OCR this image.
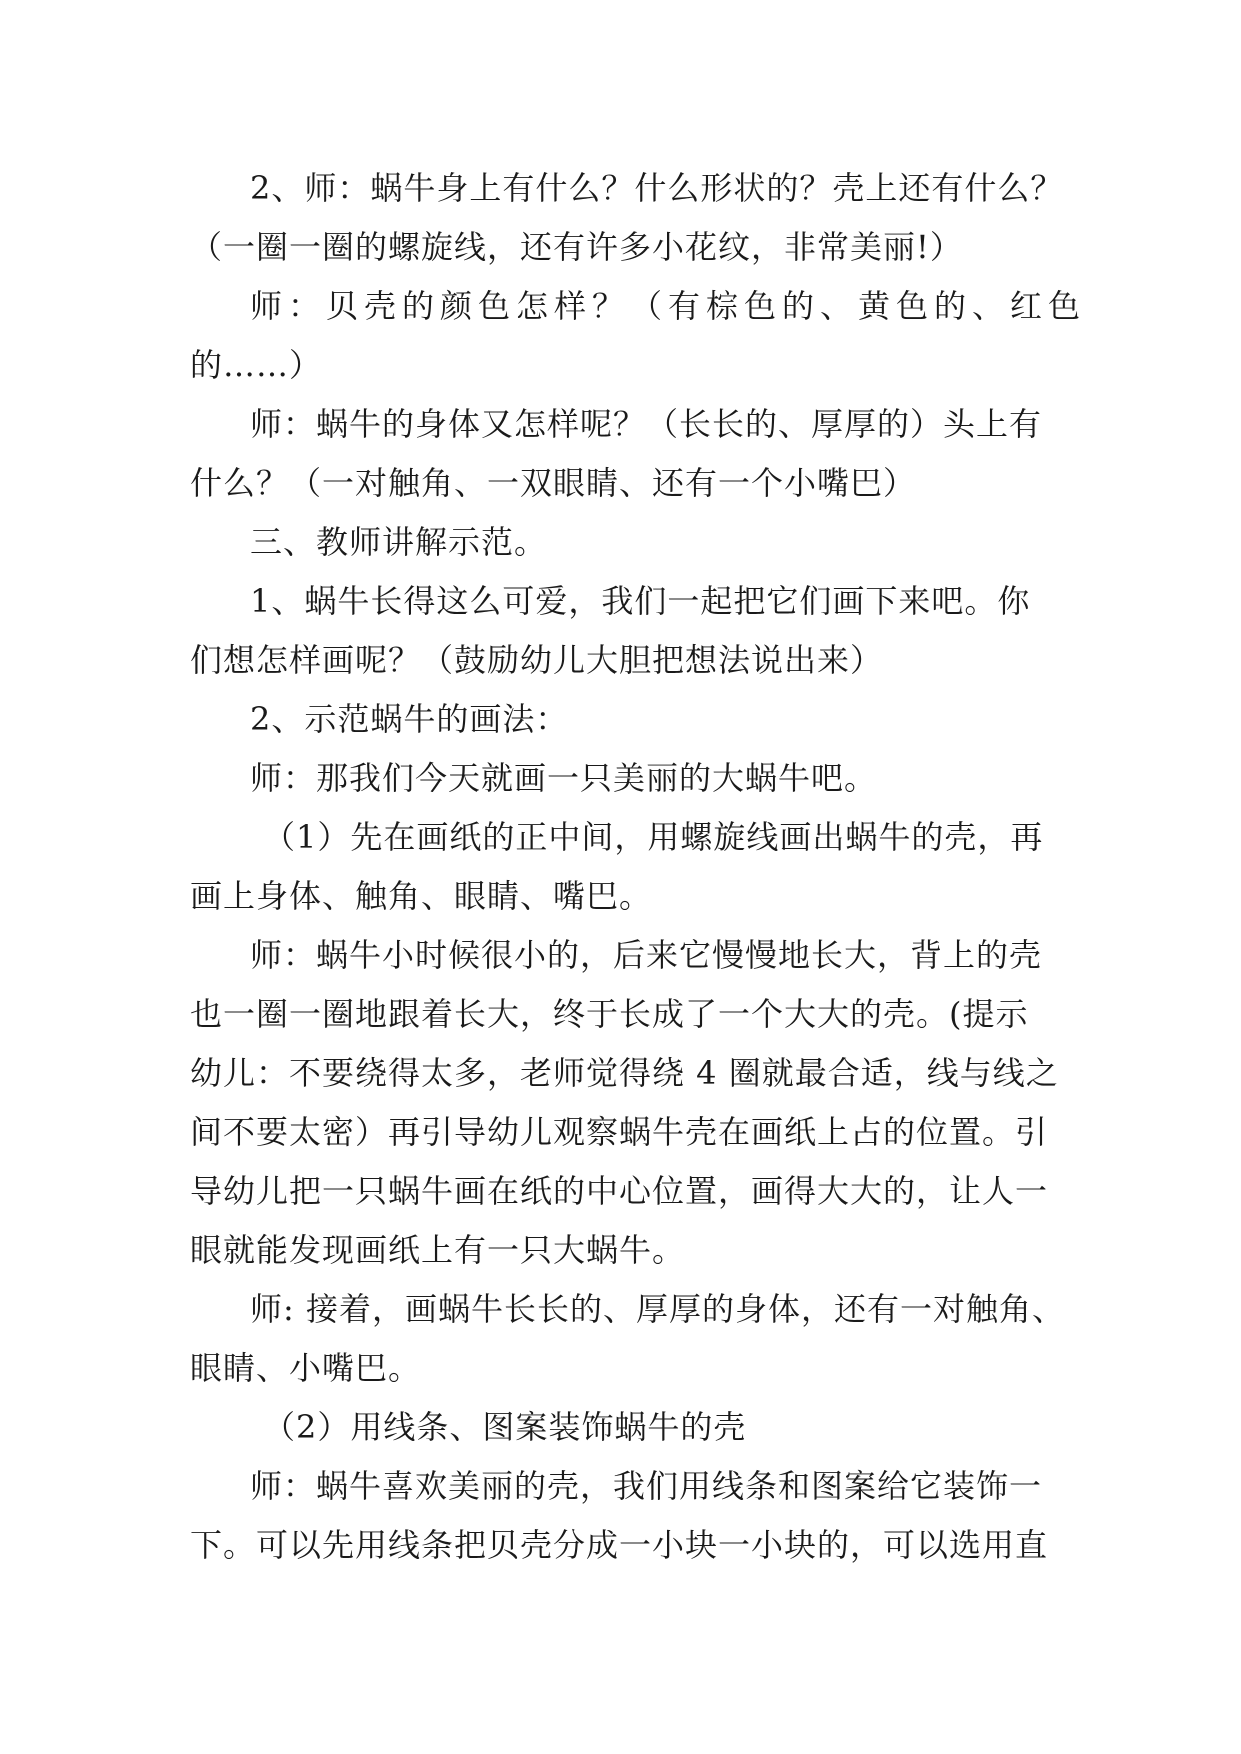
2、师：蜗牛身上有什么？什么形状的？壳上还有什么？
（一圈一圈的螺旋线，还有许多小花纹，非常美丽!）
师：贝壳的颜色怎样？（有棕色的、黄色的、红色
的……）
师：蜗牛的身体又怎样呢？（长长的、厚厚的）头上有
什么？（一对触角、一双眼睛、还有一个小嘴巴）
三、教师讲解示范。
1、蜗牛长得这么可爱，我们一起把它们画下来吧。你
们想怎样画呢？（鼓励幼儿大胆把想法说出来）
2、示范蜗牛的画法：
师：那我们今天就画一只美丽的大蜗牛吧。
（1）先在画纸的正中间，用螺旋线画出蜗牛的壳，再
画上身体、触角、眼睛、嘴巴。
师：蜗牛小时候很小的，后来它慢慢地长大，背上的壳
也一圈一圈地跟着长大，终于长成了一个大大的壳。(提示
幼儿：不要绕得太多，老师觉得绕 4 圈就最合适，线与线之
间不要太密）再引导幼儿观察蜗牛壳在画纸上占的位置。引
导幼儿把一只蜗牛画在纸的中心位置，画得大大的，让人一
眼就能发现画纸上有一只大蜗牛。
师: 接着，画蜗牛长长的、厚厚的身体，还有一对触角、
眼睛、小嘴巴。
（2）用线条、图案装饰蜗牛的壳
师：蜗牛喜欢美丽的壳，我们用线条和图案给它装饰一
下。可以先用线条把贝壳分成一小块一小块的，可以选用直
